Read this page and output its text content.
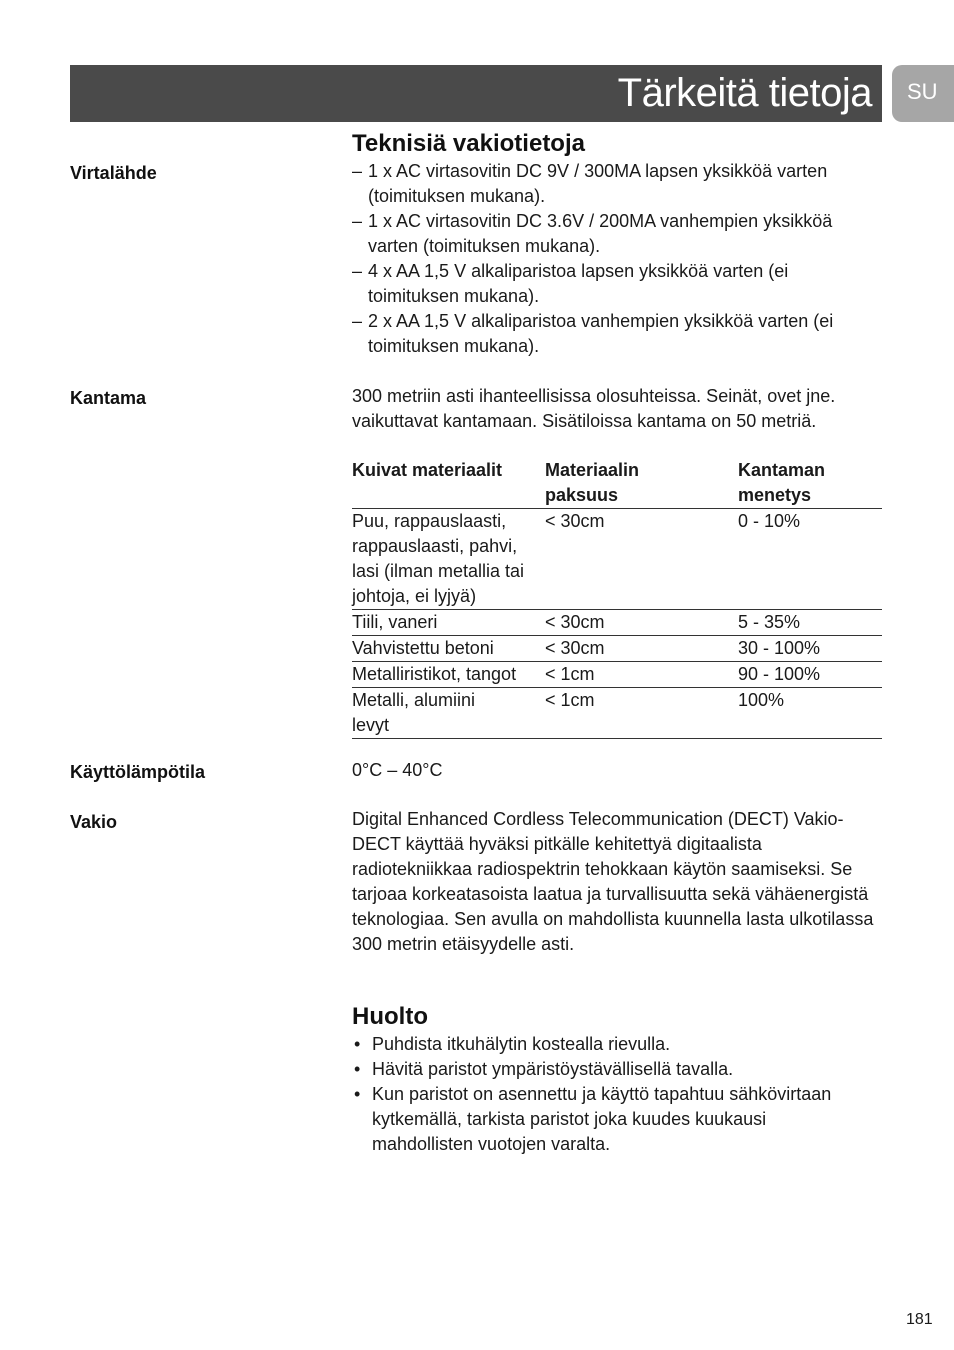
Tärkeitä tietoja SU
Teknisiä vakiotietoja
Virtalähde	– 1 x AC virtasovitin DC 9V / 300MA lapsen yksikköä varten (toimituksen mukana).
– 1 x AC virtasovitin DC 3.6V / 200MA vanhempien yksikköä varten (toimituksen mukana).
– 4 x AA 1,5 V alkaliparistoa lapsen yksikköä varten (ei toimituksen mukana).
– 2 x AA 1,5 V alkaliparistoa vanhempien yksikköä varten (ei toimituksen mukana).
Kantama	300 metriin asti ihanteellisissa olosuhteissa. Seinät, ovet jne. vaikuttavat kantamaan. Sisätiloissa kantama on 50 metriä.
Kuivat materiaalit	Materiaalin paksuus	Kantaman menetys

Puu, rappauslaasti, rappauslaasti, pahvi, lasi (ilman metallia tai johtoja, ei lyjyä)	< 30cm	0 - 10%
Tiili, vaneri	< 30cm	5 - 35%
Vahvistettu betoni	< 30cm	30 - 100%
Metalliristikot, tangot	< 1cm	90 - 100%

Metalli, alumiini levyt	< 1cm	100%
Käyttölämpötila	0°C – 40°C
Vakio	Digital Enhanced Cordless Telecommunication (DECT) Vakio-DECT käyttää hyväksi pitkälle kehitettyä digitaalista radiotekniikkaa radiospektrin tehokkaan käytön saamiseksi. Se tarjoaa korkeatasoista laatua ja turvallisuutta sekä vähäenergistä teknologiaa. Sen avulla on mahdollista kuunnella lasta ulkotilassa 300 metrin etäisyydelle asti.
Huolto
• Puhdista itkuhälytin kostealla rievulla.
• Hävitä paristot ympäristöystävällisellä tavalla.
• Kun paristot on asennettu ja käyttö tapahtuu sähkövirtaan kytkemällä, tarkista paristot joka kuudes kuukausi mahdollisten vuotojen varalta.
181
